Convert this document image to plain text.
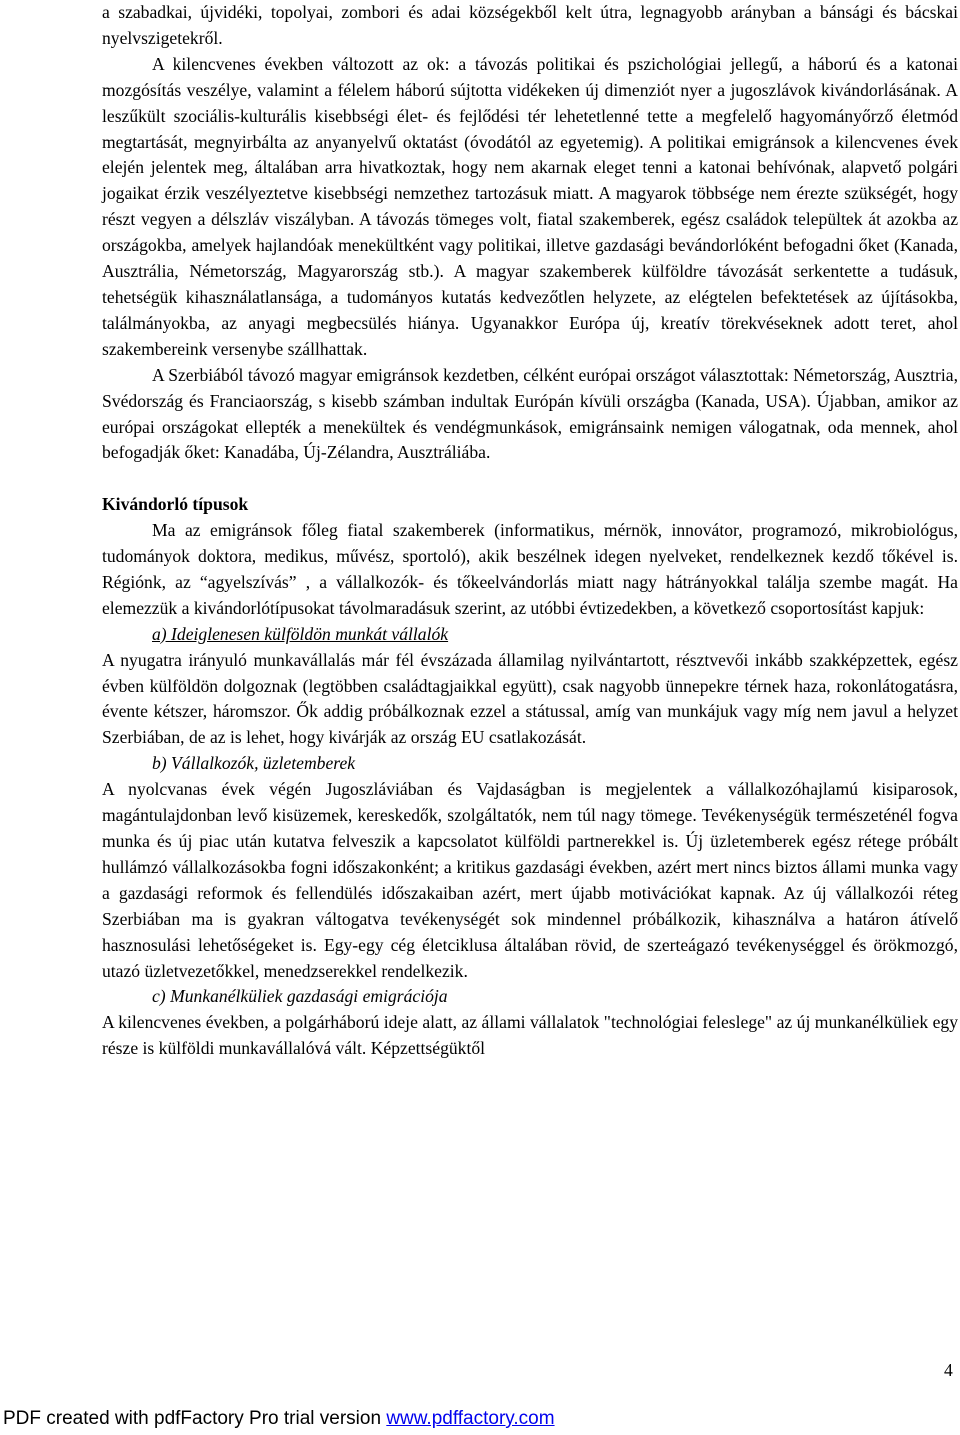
a szabadkai, újvidéki, topolyai, zombori és adai községekből kelt útra, legnagyobb arányban a bánsági és bácskai nyelvszigetekről.

A kilencvenes években változott az ok: a távozás politikai és pszichológiai jellegű, a háború és a katonai mozgósítás veszélye, valamint a félelem háború sújtotta vidékeken új dimenziót nyer a jugoszlávok kivándorlásának. A leszűkült szociális-kulturális kisebbségi élet- és fejlődési tér lehetetlenné tette a megfelelő hagyományőrző életmód megtartását, megnyirbálta az anyanyelvű oktatást (óvodától az egyetemig). A politikai emigránsok a kilencvenes évek elején jelentek meg, általában arra hivatkoztak, hogy nem akarnak eleget tenni a katonai behívónak, alapvető polgári jogaikat érzik veszélyeztetve kisebbségi nemzethez tartozásuk miatt. A magyarok többsége nem érezte szükségét, hogy részt vegyen a délszláv viszályban. A távozás tömeges volt, fiatal szakemberek, egész családok települtek át azokba az országokba, amelyek hajlandóak menekültként vagy politikai, illetve gazdasági bevándorlóként befogadni őket (Kanada, Ausztrália, Németország, Magyarország stb.). A magyar szakemberek külföldre távozását serkentette a tudásuk, tehetségük kihasználatlansága, a tudományos kutatás kedvezőtlen helyzete, az elégtelen befektetések az újításokba, találmányokba, az anyagi megbecsülés hiánya. Ugyanakkor Európa új, kreatív törekvéseknek adott teret, ahol szakembereink versenybe szállhattak.

A Szerbiából távozó magyar emigránsok kezdetben, célként európai országot választottak: Németország, Ausztria, Svédország és Franciaország, s kisebb számban indultak Európán kívüli országba (Kanada, USA). Újabban, amikor az európai országokat ellepték a menekültek és vendégmunkások, emigránsaink nemigen válogatnak, oda mennek, ahol befogadják őket: Kanadába, Új-Zélandra, Ausztráliába.

Kivándorló típusok

Ma az emigránsok főleg fiatal szakemberek (informatikus, mérnök, innovátor, programozó, mikrobiológus, tudományok doktora, medikus, művész, sportoló), akik beszélnek idegen nyelveket, rendelkeznek kezdő tőkével is. Régiónk, az “agyelszívás” , a vállalkozók- és tőkeelvándorlás miatt nagy hátrányokkal találja szembe magát. Ha elemezzük a kivándorlótípusokat távolmaradásuk szerint, az utóbbi évtizedekben, a következő csoportosítást kapjuk:

a) Ideiglenesen külföldön munkát vállalók

A nyugatra irányuló munkavállalás már fél évszázada államilag nyilvántartott, résztvevői inkább szakképzettek, egész évben külföldön dolgoznak (legtöbben családtagjaikkal együtt), csak nagyobb ünnepekre térnek haza, rokonlátogatásra, évente kétszer, háromszor. Ők addig próbálkoznak ezzel a státussal, amíg van munkájuk vagy míg nem javul a helyzet Szerbiában, de az is lehet, hogy kivárják az ország EU csatlakozását.

b) Vállalkozók, üzletemberek

A nyolcvanas évek végén Jugoszláviában és Vajdaságban is megjelentek a vállalkozóhajlamú kisiparosok, magántulajdonban levő kisüzemek, kereskedők, szolgáltatók, nem túl nagy tömege. Tevékenységük természeténél fogva munka és új piac után kutatva felveszik a kapcsolatot külföldi partnerekkel is. Új üzletemberek egész rétege próbált hullámzó vállalkozásokba fogni időszakonként; a kritikus gazdasági években, azért mert nincs biztos állami munka vagy a gazdasági reformok és fellendülés időszakaiban azért, mert újabb motivációkat kapnak. Az új vállalkozói réteg Szerbiában ma is gyakran váltogatva tevékenységét sok mindennel próbálkozik, kihasználva a határon átívelő hasznosulási lehetőségeket is. Egy-egy cég életciklusa általában rövid, de szerteágazó tevékenységgel és örökmozgó, utazó üzletvezetőkkel, menedzserekkel rendelkezik.

c) Munkanélküliek gazdasági emigrációja

A kilencvenes években, a polgárháború ideje alatt, az állami vállalatok "technológiai feleslege" az új munkanélküliek egy része is külföldi munkavállalóvá vált. Képzettségüktől

4
PDF created with pdfFactory Pro trial version www.pdffactory.com
